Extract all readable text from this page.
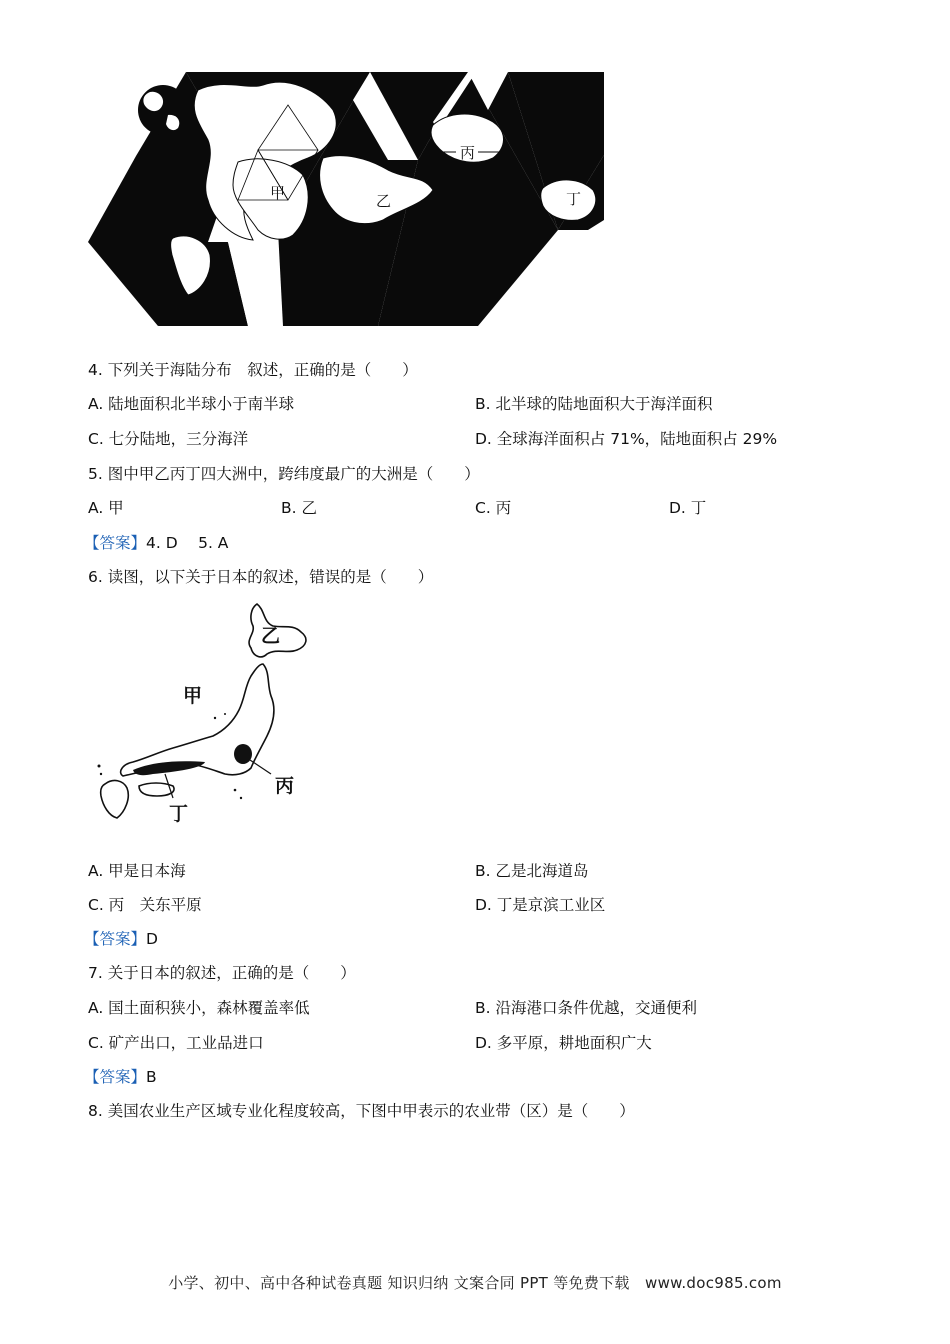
甲	乙
丙
丁
4. 下列关于海陆分布　叙述，正确的是（　　）
A. 陆地面积北半球小于南半球	B. 北半球的陆地面积大于海洋面积
C. 七分陆地，三分海洋	D. 全球海洋面积占 71%，陆地面积占 29%
5. 图中甲乙丙丁四大洲中，跨纬度最广的大洲是（　　）
A. 甲	B. 乙	C. 丙	D. 丁
【答案】4. D　 5. A
6. 读图，以下关于日本的叙述，错误的是（　　）
乙
甲
丙
丁
A. 甲是日本海	B. 乙是北海道岛
C. 丙　关东平原	D. 丁是京滨工业区
【答案】D
7. 关于日本的叙述，正确的是（　　）
A. 国土面积狭小，森林覆盖率低	B. 沿海港口条件优越，交通便利
C. 矿产出口，工业品进口	D. 多平原，耕地面积广大
【答案】B
8. 美国农业生产区域专业化程度较高，下图中甲表示的农业带（区）是（　　）
小学、初中、高中各种试卷真题 知识归纳 文案合同 PPT 等免费下载　www.doc985.com
